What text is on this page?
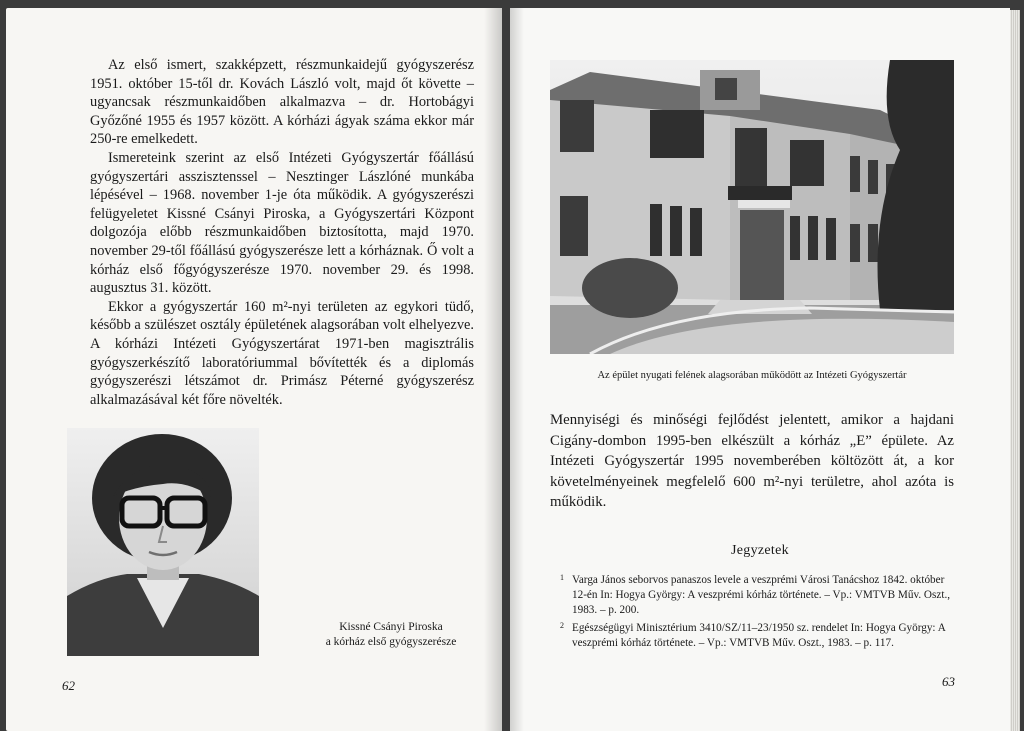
Az első ismert, szakképzett, részmunkaidejű gyógyszerész 1951. október 15-től dr. Kovách László volt, majd őt követte – ugyancsak részmunkaidőben alkalmazva – dr. Hortobágyi Győzőné 1955 és 1957 között. A kórházi ágyak száma ekkor már 250-re emelkedett.

Ismereteink szerint az első Intézeti Gyógyszertár főállású gyógyszertári asszisztenssel – Nesztinger Lászlóné munkába lépésével – 1968. november 1-je óta működik. A gyógyszerészi felügyeletet Kissné Csányi Piroska, a Gyógyszertári Központ dolgozója előbb részmunkaidőben biztosította, majd 1970. november 29-től főállású gyógyszerésze lett a kórháznak. Ő volt a kórház első főgyógyszerésze 1970. november 29. és 1998. augusztus 31. között.

Ekkor a gyógyszertár 160 m²-nyi területen az egykori tüdő, később a szülészet osztály épületének alagsorában volt elhelyezve. A kórházi Intézeti Gyógyszertárat 1971-ben magisztrális gyógyszerkészítő laboratóriummal bővítették és a diplomás gyógyszerészi létszámot dr. Primász Péterné gyógyszerész alkalmazásával két főre növelték.

Kissné Csányi Piroska
a kórház első gyógyszerésze
62
Az épület nyugati felének alagsorában működött az Intézeti Gyógyszertár

Mennyiségi és minőségi fejlődést jelentett, amikor a hajdani Cigány-dombon 1995-ben elkészült a kórház „E” épülete. Az Intézeti Gyógyszertár 1995 novemberében költözött át, a kor követelményeinek megfelelő 600 m²-nyi területre, ahol azóta is működik.

Jegyzetek
1 Varga János seborvos panaszos levele a veszprémi Városi Tanácshoz 1842. október 12-én In: Hogya György: A veszprémi kórház története. – Vp.: VMTVB Műv. Oszt., 1983. – p. 200.
2 Egészségügyi Minisztérium 3410/SZ/11–23/1950 sz. rendelet In: Hogya György: A veszprémi kórház története. – Vp.: VMTVB Műv. Oszt., 1983. – p. 117.
63
